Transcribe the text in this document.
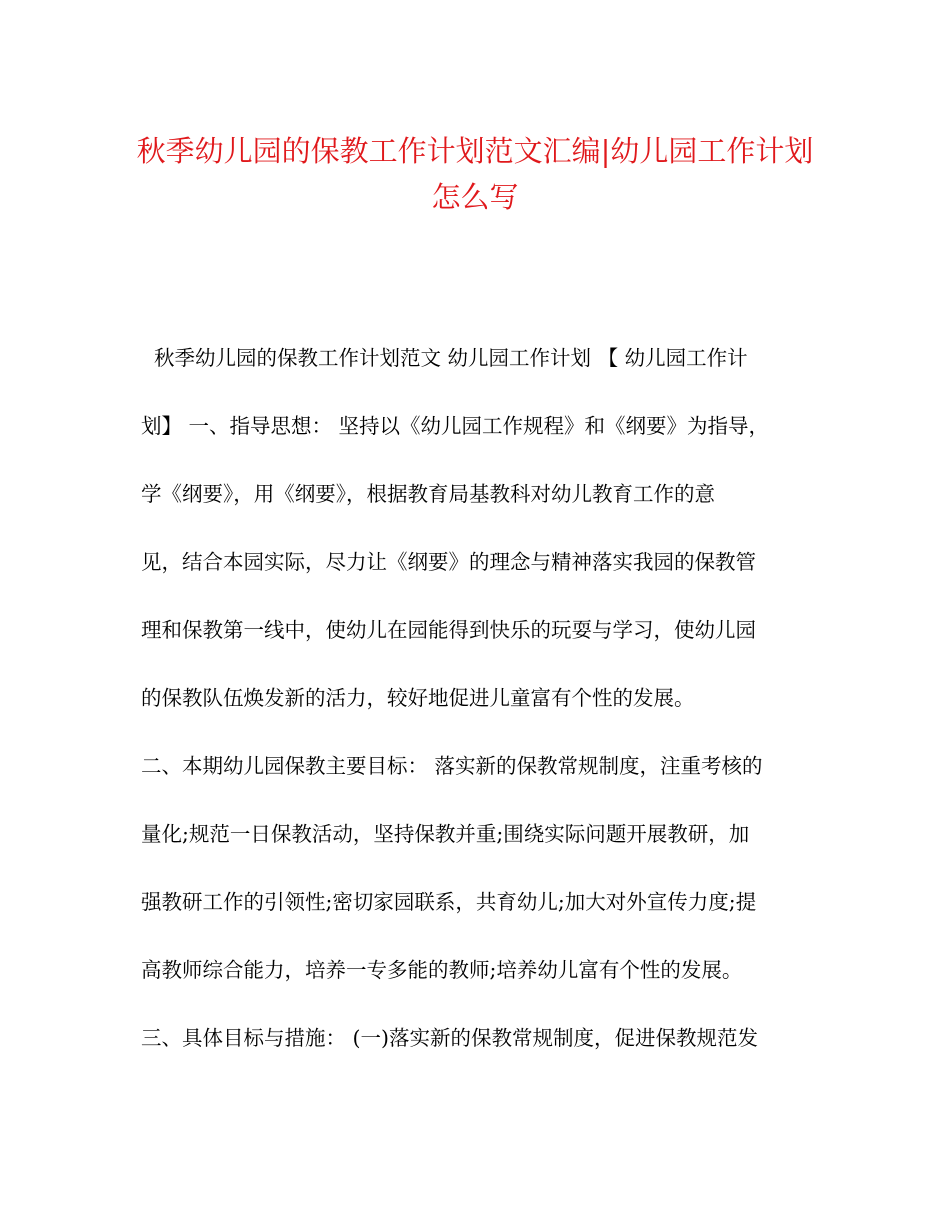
秋季幼儿园的保教工作计划范文汇编|幼儿园工作计划
怎么写
秋季幼儿园的保教工作计划范文 幼儿园工作计划 【 幼儿园工作计
划】 一、指导思想： 坚持以《幼儿园工作规程》和《纲要》为指导，
学《纲要》，用《纲要》，根据教育局基教科对幼儿教育工作的意
见，结合本园实际，尽力让《纲要》的理念与精神落实我园的保教管
理和保教第一线中，使幼儿在园能得到快乐的玩耍与学习，使幼儿园
的保教队伍焕发新的活力，较好地促进儿童富有个性的发展。
二、本期幼儿园保教主要目标： 落实新的保教常规制度，注重考核的
量化;规范一日保教活动，坚持保教并重;围绕实际问题开展教研，加
强教研工作的引领性;密切家园联系，共育幼儿;加大对外宣传力度;提
高教师综合能力，培养一专多能的教师;培养幼儿富有个性的发展。
三、具体目标与措施： (一)落实新的保教常规制度，促进保教规范发
